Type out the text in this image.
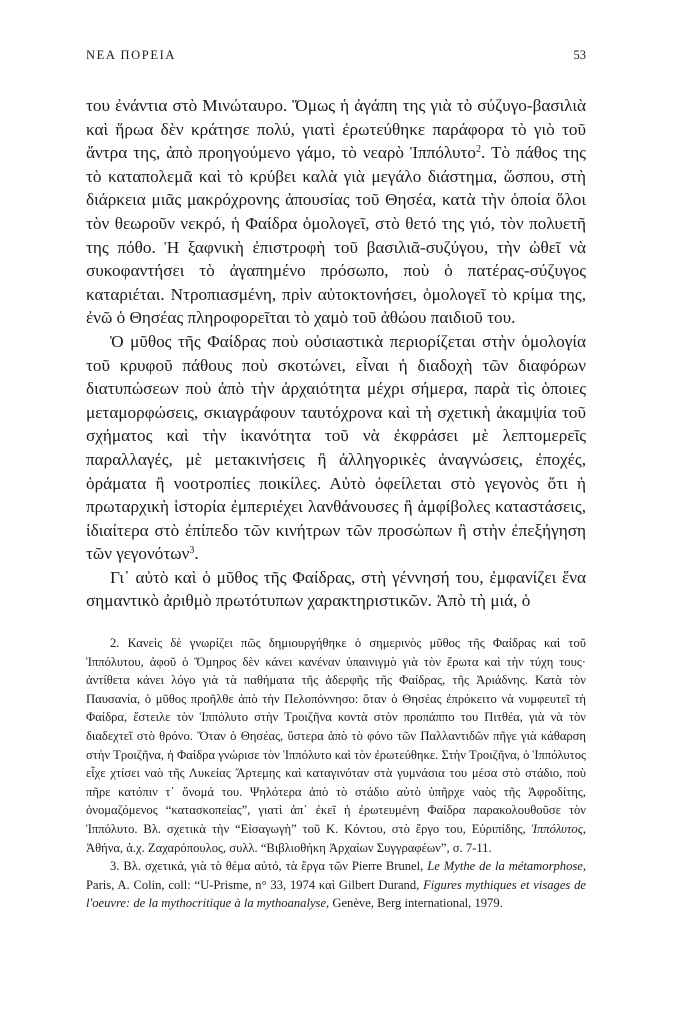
ΝΕΑ ΠΟΡΕΙΑ	53

του ἐνάντια στὸ Μινώταυρο. Ὅμως ἡ ἀγάπη της γιὰ τὸ σύζυγο-βασιλιὰ καὶ ἥρωα δὲν κράτησε πολύ, γιατὶ ἐρωτεύθηκε παράφορα τὸ γιὸ τοῦ ἄντρα της, ἀπὸ προηγούμενο γάμο, τὸ νεαρὸ Ἱππόλυτο$^2$. Τὸ πάθος της τὸ καταπολεμᾶ καὶ τὸ κρύβει καλὰ γιὰ μεγάλο διάστημα, ὥσπου, στὴ διάρκεια μιᾶς μακρόχρονης ἀπουσίας τοῦ Θησέα, κατὰ τὴν ὁποία ὅλοι τὸν θεωροῦν νεκρό, ἡ Φαίδρα ὁμολογεῖ, στὸ θετό της γιό, τὸν πολυετῆ της πόθο. Ἡ ξαφνικὴ ἐπιστροφὴ τοῦ βασιλιᾶ-συζύγου, τὴν ὠθεῖ νὰ συκοφαντήσει τὸ ἀγαπημένο πρόσωπο, ποὺ ὁ πατέρας-σύζυγος καταριέται. Ντροπιασμένη, πρὶν αὐτοκτονήσει, ὁμολογεῖ τὸ κρίμα της, ἐνῶ ὁ Θησέας πληροφορεῖται τὸ χαμὸ τοῦ ἀθώου παιδιοῦ του.

Ὁ μῦθος τῆς Φαίδρας ποὺ οὐσιαστικὰ περιορίζεται στὴν ὁμολογία τοῦ κρυφοῦ πάθους ποὺ σκοτώνει, εἶναι ἡ διαδοχὴ τῶν διαφόρων διατυπώσεων ποὺ ἀπὸ τὴν ἀρχαιότητα μέχρι σήμερα, παρὰ τὶς ὁποιες μεταμορφώσεις, σκιαγράφουν ταυτόχρονα καὶ τὴ σχετικὴ ἀκαμψία τοῦ σχήματος καὶ τὴν ἱκανότητα τοῦ νὰ ἐκφράσει μὲ λεπτομερεῖς παραλλαγές, μὲ μετακινήσεις ἢ ἀλληγορικὲς ἀναγνώσεις, ἐποχές, ὁράματα ἢ νοοτροπίες ποικίλες. Αὐτὸ ὀφείλεται στὸ γεγονὸς ὅτι ἡ πρωταρχικὴ ἱστορία ἐμπεριέχει λανθάνουσες ἢ ἀμφίβολες καταστάσεις, ἰδιαίτερα στὸ ἐπίπεδο τῶν κινήτρων τῶν προσώπων ἢ στὴν ἐπεξήγηση τῶν γεγονότων$^3$.

Γι᾽ αὐτὸ καὶ ὁ μῦθος τῆς Φαίδρας, στὴ γέννησή του, ἐμφανίζει ἕνα σημαντικὸ ἀριθμὸ πρωτότυπων χαρακτηριστικῶν. Ἀπὸ τὴ μιά, ὁ

2. Κανεὶς δὲ γνωρίζει πῶς δημιουργήθηκε ὁ σημερινὸς μῦθος τῆς Φαίδρας καὶ τοῦ Ἱππόλυτου, ἀφοῦ ὁ Ὅμηρος δὲν κάνει κανέναν ὑπαινιγμὸ γιὰ τὸν ἔρωτα καὶ τὴν τύχη τους· ἀντίθετα κάνει λόγο γιὰ τὰ παθήματα τῆς ἀδερφῆς τῆς Φαίδρας, τῆς Ἀριάδνης. Κατὰ τὸν Παυσανία, ὁ μῦθος προῆλθε ἀπὸ τὴν Πελοπόννησο: ὅταν ὁ Θησέας ἐπρόκειτο νὰ νυμφευτεῖ τὴ Φαίδρα, ἔστειλε τὸν Ἱππόλυτο στὴν Τροιζῆνα κοντὰ στὸν προπάππο του Πιτθέα, γιὰ νὰ τὸν διαδεχτεῖ στὸ θρόνο. Ὅταν ὁ Θησέας, ὕστερα ἀπὸ τὸ φόνο τῶν Παλλαντιδῶν πῆγε γιὰ κάθαρση στὴν Τροιζῆνα, ἡ Φαίδρα γνώρισε τὸν Ἱππόλυτο καὶ τὸν ἐρωτεύθηκε. Στὴν Τροιζῆνα, ὁ Ἱππόλυτος εἶχε χτίσει ναὸ τῆς Λυκείας Ἄρτεμης καὶ καταγινόταν στὰ γυμνάσια του μέσα στὸ στάδιο, ποὺ πῆρε κατόπιν τ᾽ ὄνομά του. Ψηλότερα ἀπὸ τὸ στάδιο αὐτὸ ὑπῆρχε ναὸς τῆς Ἀφροδίτης, ὀνομαζόμενος “κατασκοπείας”, γιατὶ ἀπ᾽ ἐκεῖ ἡ ἐρωτευμένη Φαίδρα παρακολουθοῦσε τὸν Ἱππόλυτο. Βλ. σχετικὰ τὴν “Εἰσαγωγὴ” τοῦ Κ. Κόντου, στὸ ἔργο του, Εὐριπίδης, Ἱππόλυτος, Ἀθήνα, ἀ.χ. Ζαχαρόπουλος, συλλ. “Βιβλιοθήκη Ἀρχαίων Συγγραφέων”, σ. 7-11.

3. Βλ. σχετικά, γιὰ τὸ θέμα αὐτό, τὰ ἔργα τῶν Pierre Brunel, Le Mythe de la métamorphose, Paris, A. Colin, coll: “U-Prisme, n° 33, 1974 καὶ Gilbert Durand, Figures mythiques et visages de l'oeuvre: de la mythocritique à la mythoanalyse, Genève, Berg international, 1979.
